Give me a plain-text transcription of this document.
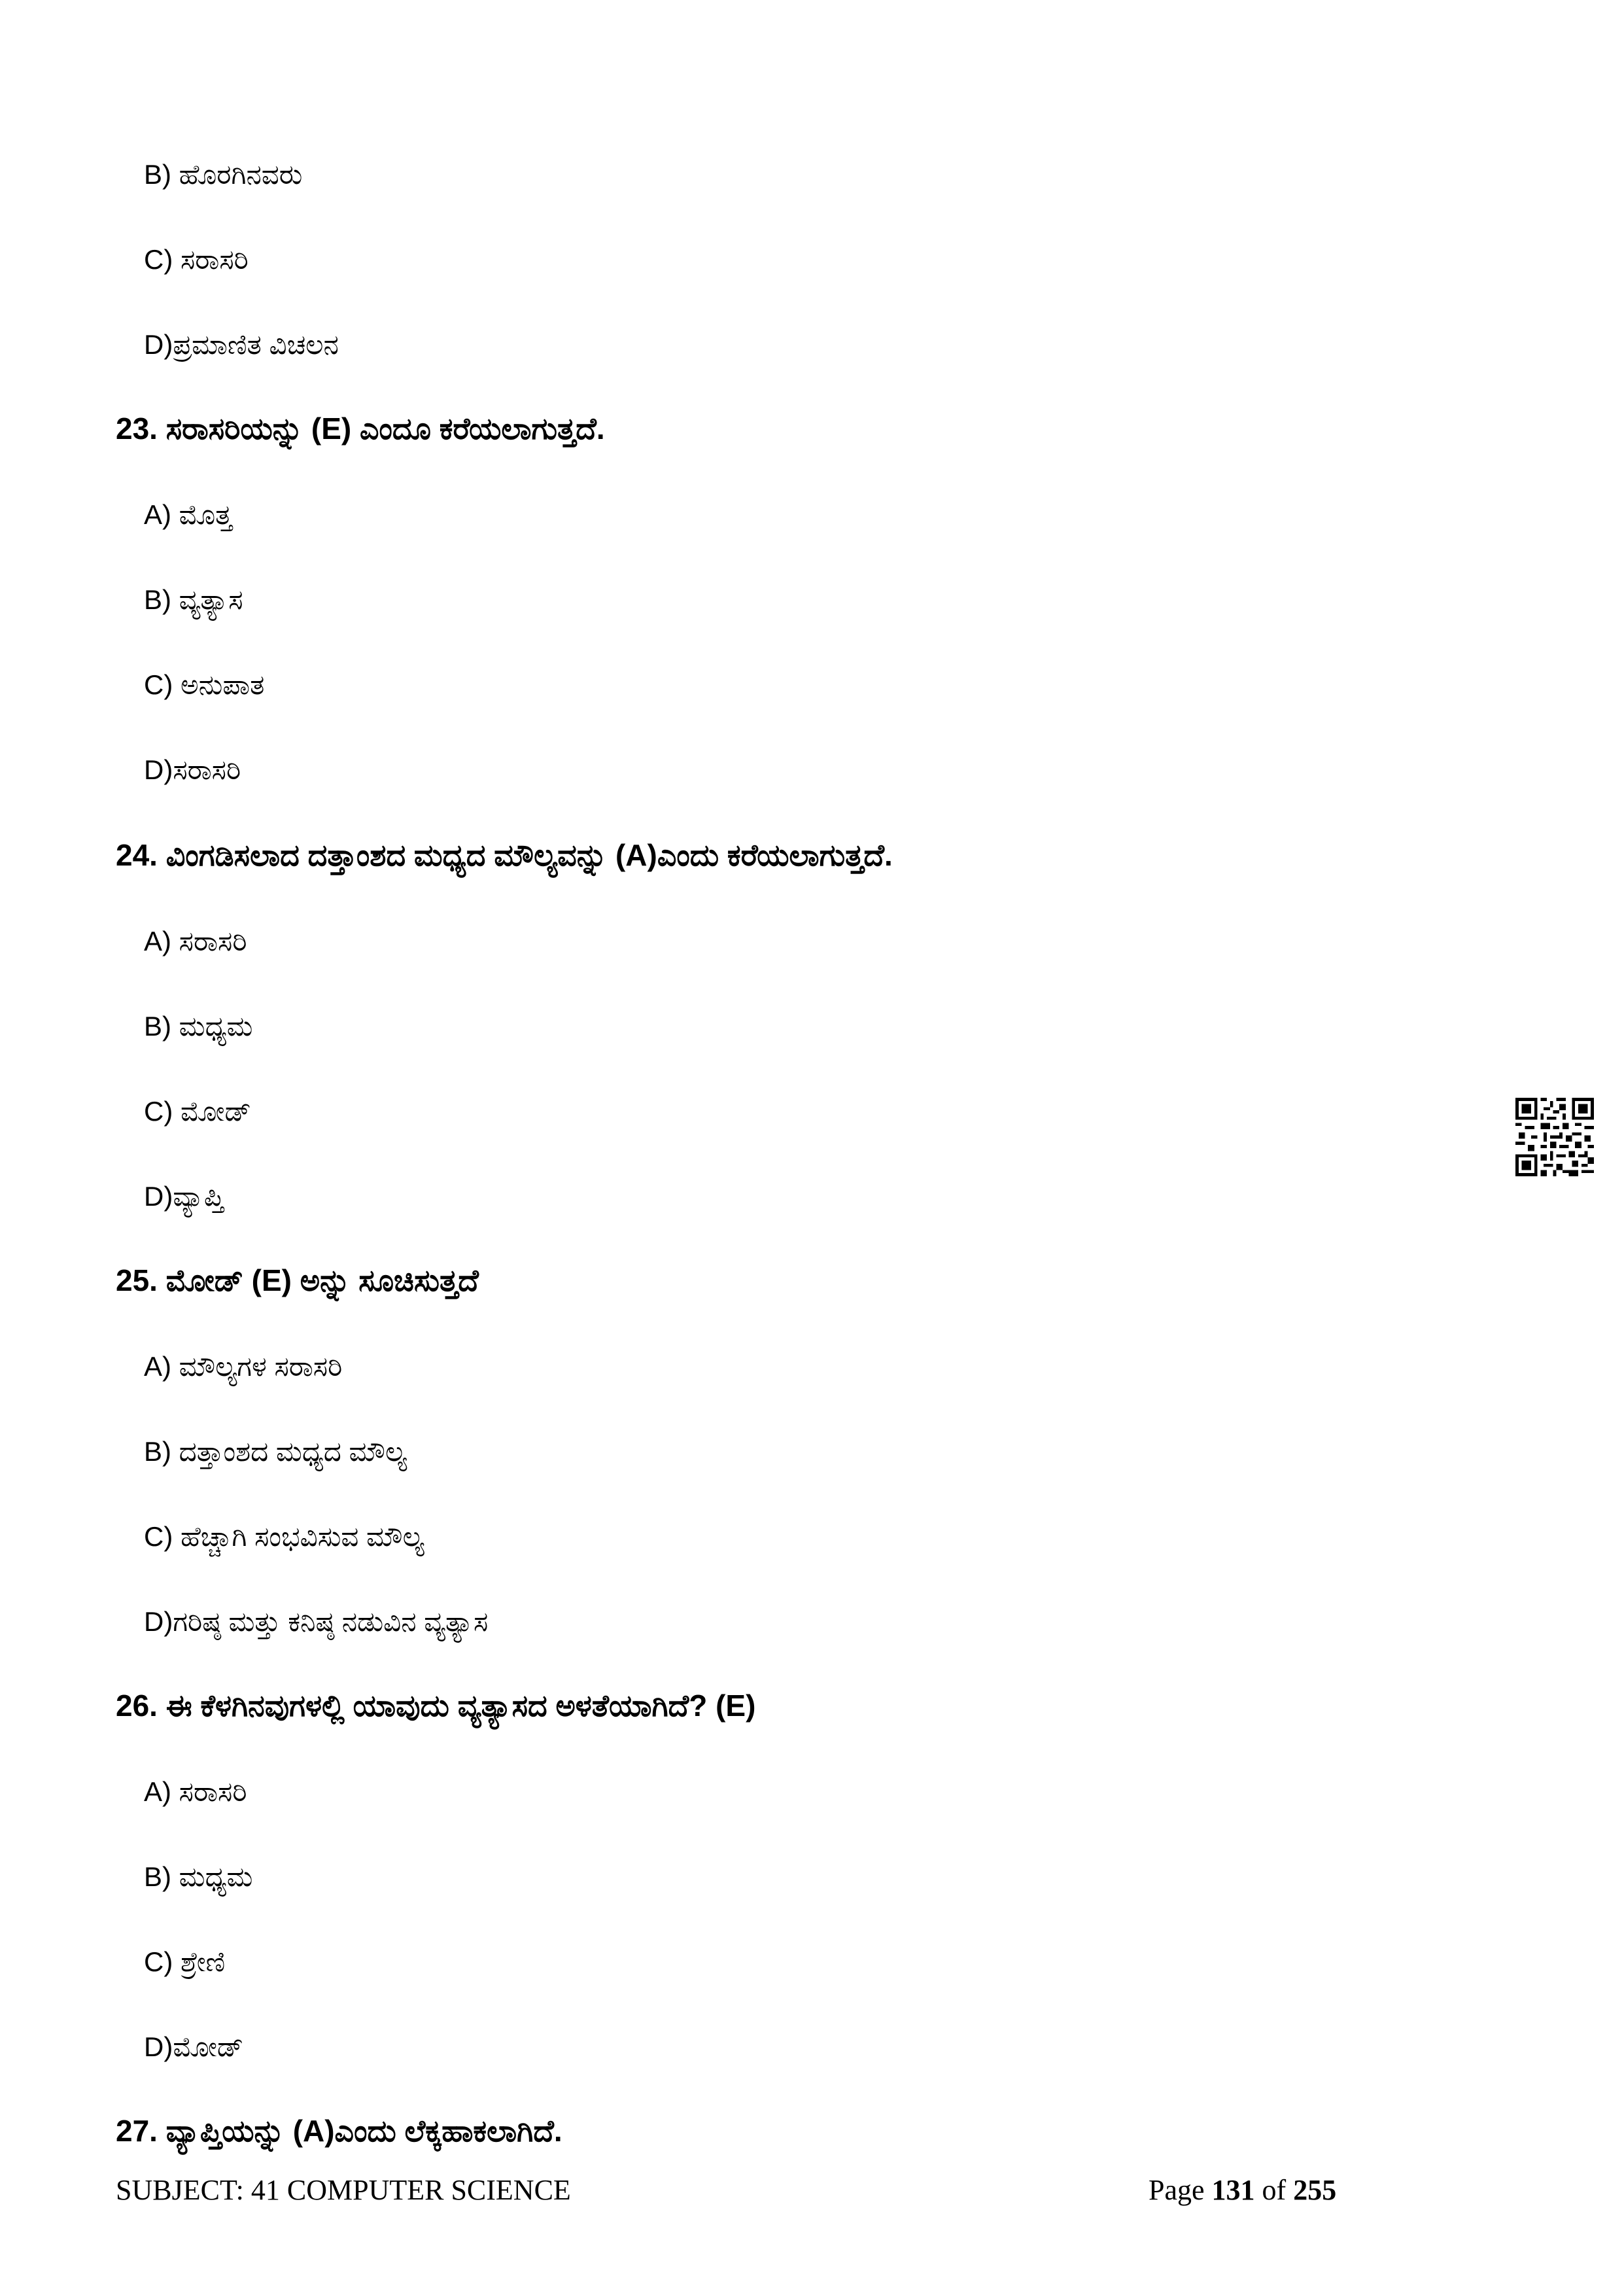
B) ಹೊರಗಿನವರು
C) ಸರಾಸರಿ
D)ಪ್ರಮಾಣಿತ ವಿಚಲನ
23. ಸರಾಸರಿಯನ್ನು (E) ಎಂದೂ ಕರೆಯಲಾಗುತ್ತದೆ.
A) ಮೊತ್ತ
B) ವ್ಯತ್ಯಾಸ
C) ಅನುಪಾತ
D)ಸರಾಸರಿ
24. ವಿಂಗಡಿಸಲಾದ ದತ್ತಾಂಶದ ಮಧ್ಯದ ಮೌಲ್ಯವನ್ನು (A)ಎಂದು ಕರೆಯಲಾಗುತ್ತದೆ.
A) ಸರಾಸರಿ
B) ಮಧ್ಯಮ
C) ಮೋಡ್
D)ವ್ಯಾಪ್ತಿ
25. ಮೋಡ್ (E) ಅನ್ನು ಸೂಚಿಸುತ್ತದೆ
A) ಮೌಲ್ಯಗಳ ಸರಾಸರಿ
B) ದತ್ತಾಂಶದ ಮಧ್ಯದ ಮೌಲ್ಯ
C) ಹೆಚ್ಚಾಗಿ ಸಂಭವಿಸುವ ಮೌಲ್ಯ
D)ಗರಿಷ್ಠ ಮತ್ತು ಕನಿಷ್ಠ ನಡುವಿನ ವ್ಯತ್ಯಾಸ
26. ಈ ಕೆಳಗಿನವುಗಳಲ್ಲಿ ಯಾವುದು ವ್ಯತ್ಯಾಸದ ಅಳತೆಯಾಗಿದೆ? (E)
A) ಸರಾಸರಿ
B) ಮಧ್ಯಮ
C) ಶ್ರೇಣಿ
D)ಮೋಡ್
27. ವ್ಯಾಪ್ತಿಯನ್ನು (A)ಎಂದು ಲೆಕ್ಕಹಾಕಲಾಗಿದೆ.
SUBJECT: 41 COMPUTER SCIENCE	Page 131 of 255
